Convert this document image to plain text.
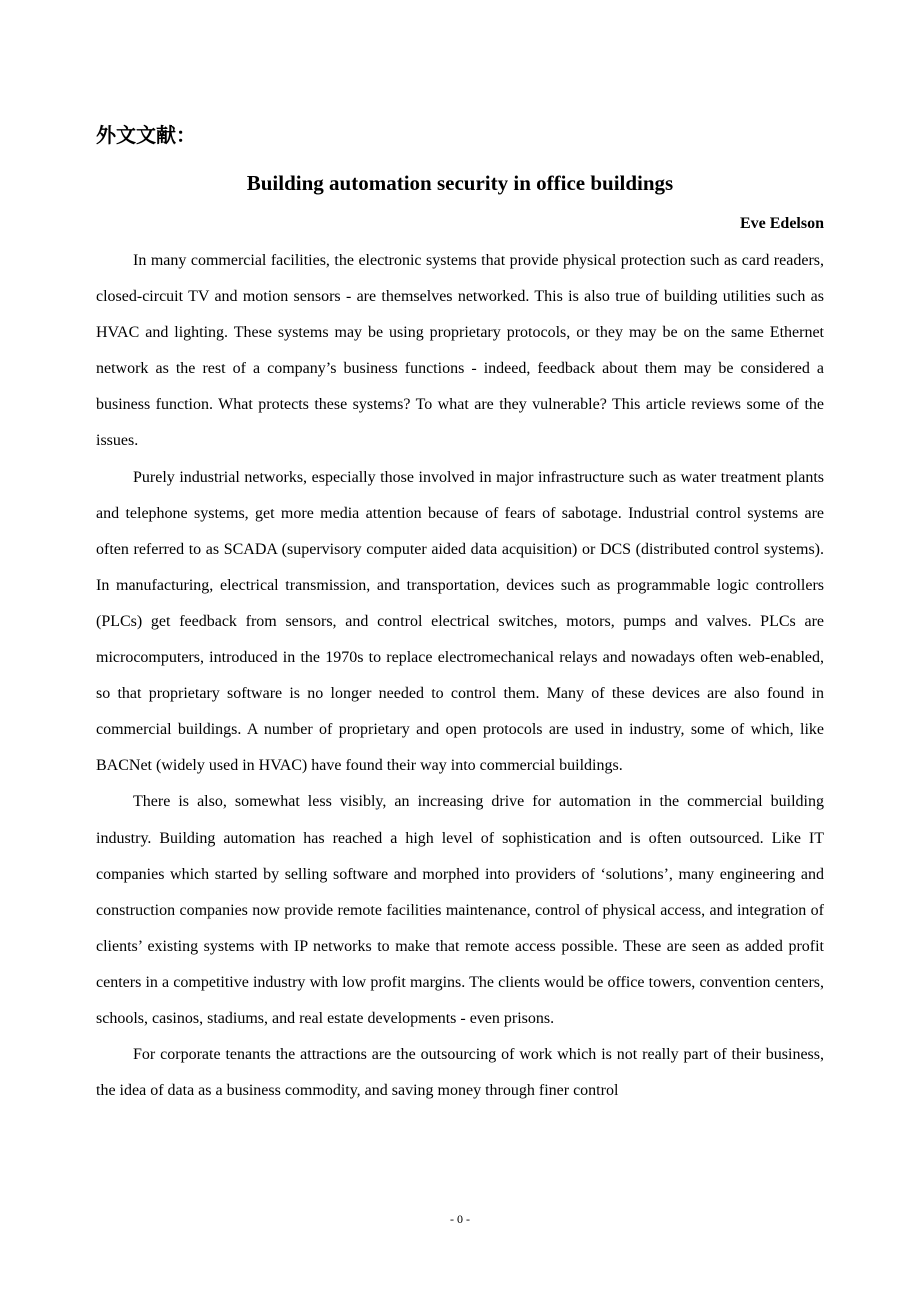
外文文献：
Building automation security in office buildings
Eve Edelson

In many commercial facilities, the electronic systems that provide physical protection such as card readers, closed-circuit TV and motion sensors - are themselves networked. This is also true of building utilities such as HVAC and lighting. These systems may be using proprietary protocols, or they may be on the same Ethernet network as the rest of a company’s business functions - indeed, feedback about them may be considered a business function. What protects these systems? To what are they vulnerable? This article reviews some of the issues.

Purely industrial networks, especially those involved in major infrastructure such as water treatment plants and telephone systems, get more media attention because of fears of sabotage. Industrial control systems are often referred to as SCADA (supervisory computer aided data acquisition) or DCS (distributed control systems). In manufacturing, electrical transmission, and transportation, devices such as programmable logic controllers (PLCs) get feedback from sensors, and control electrical switches, motors, pumps and valves. PLCs are microcomputers, introduced in the 1970s to replace electromechanical relays and nowadays often web-enabled, so that proprietary software is no longer needed to control them. Many of these devices are also found in commercial buildings. A number of proprietary and open protocols are used in industry, some of which, like BACNet (widely used in HVAC) have found their way into commercial buildings.

There is also, somewhat less visibly, an increasing drive for automation in the commercial building industry. Building automation has reached a high level of sophistication and is often outsourced. Like IT companies which started by selling software and morphed into providers of ‘solutions’, many engineering and construction companies now provide remote facilities maintenance, control of physical access, and integration of clients’ existing systems with IP networks to make that remote access possible. These are seen as added profit centers in a competitive industry with low profit margins. The clients would be office towers, convention centers, schools, casinos, stadiums, and real estate developments - even prisons.

For corporate tenants the attractions are the outsourcing of work which is not really part of their business, the idea of data as a business commodity, and saving money through finer control

- 0 -
